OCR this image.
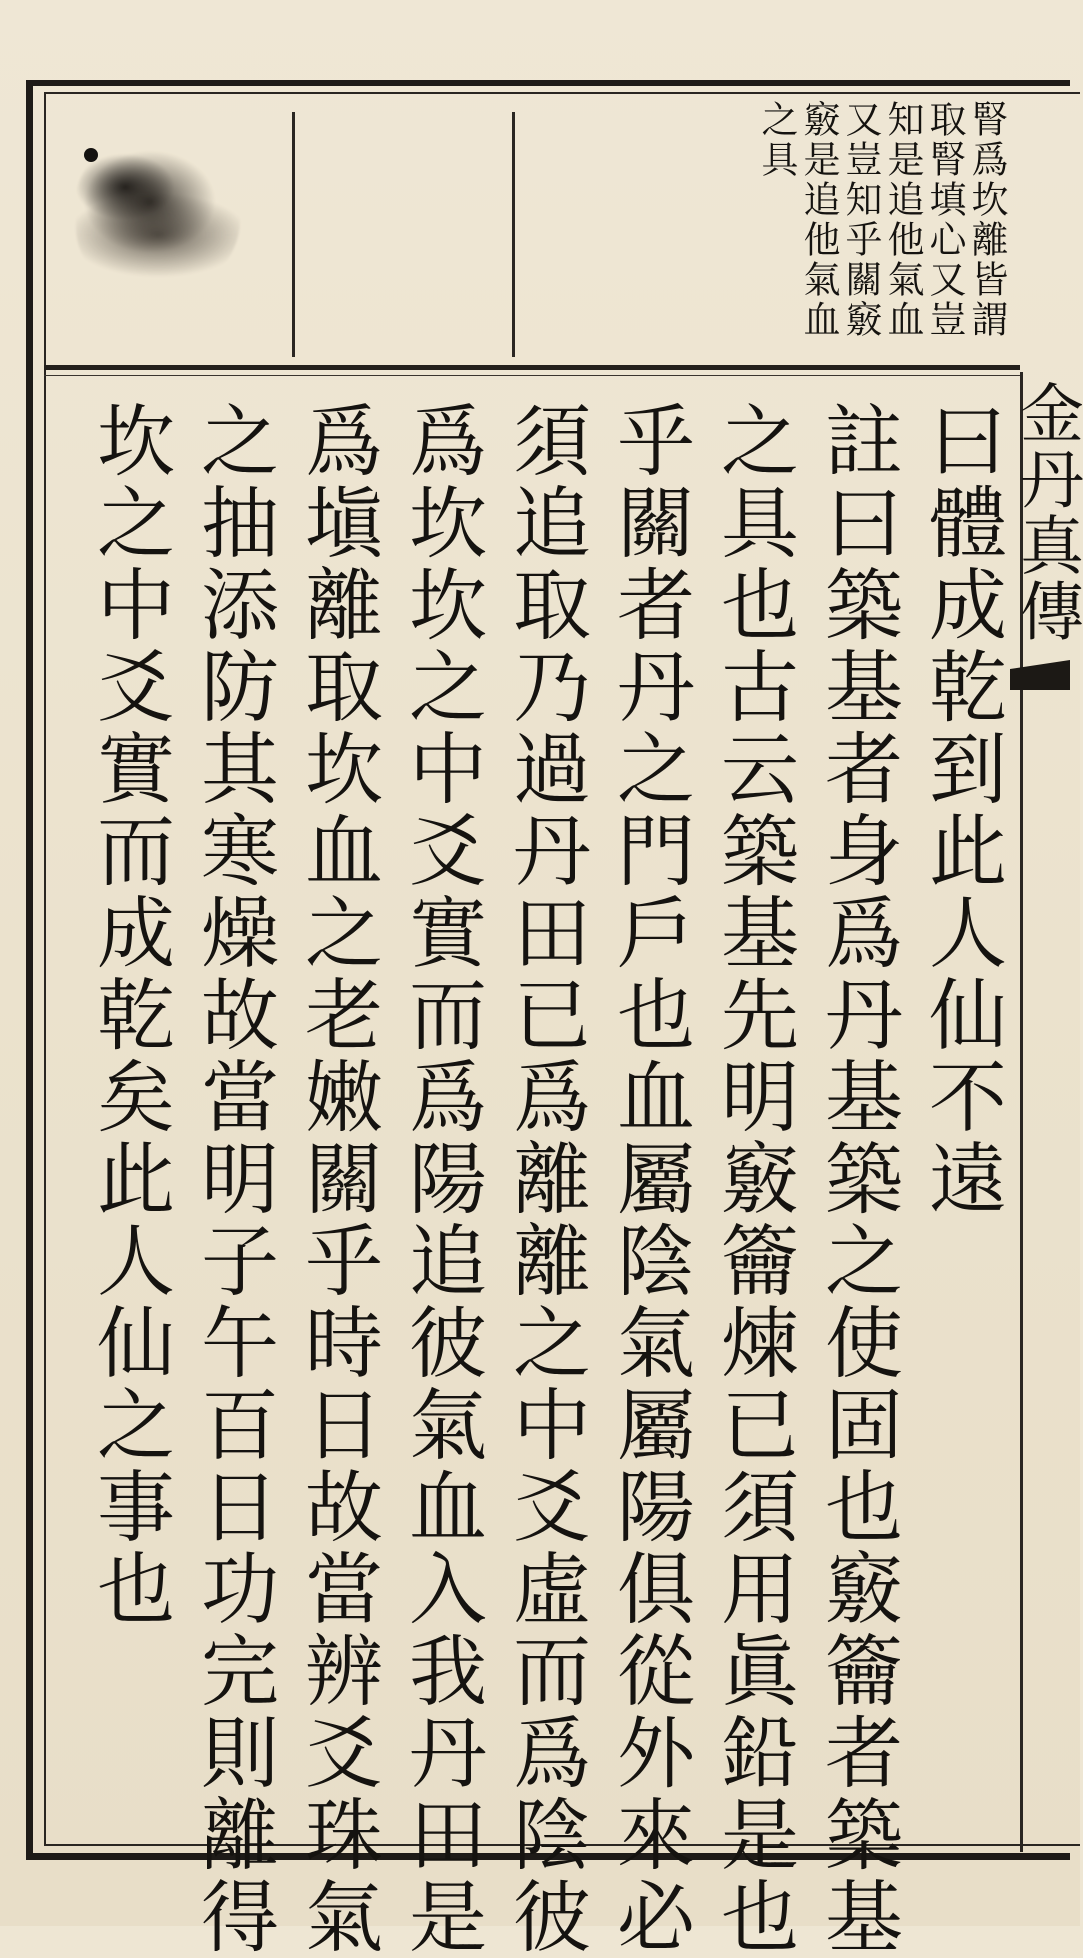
腎爲坎離皆謂
取腎填心又豈
知是追他氣血
又豈知乎關竅
竅是追他氣血
之具
金丹真傳
曰體成乾到此人仙不遠
註曰築基者身爲丹基築之使固也竅籥者築基
之具也古云築基先明竅籥煉已須用眞鉛是也
乎關者丹之門戶也血屬陰氣屬陽俱從外來必
須追取乃過丹田已爲離離之中爻虛而爲陰彼
爲坎坎之中爻實而爲陽追彼氣血入我丹田是
爲塡離取坎血之老嫩關乎時日故當辨爻珠氣
之抽添防其寒燥故當明子午百日功完則離得
坎之中爻實而成乾矣此人仙之事也
